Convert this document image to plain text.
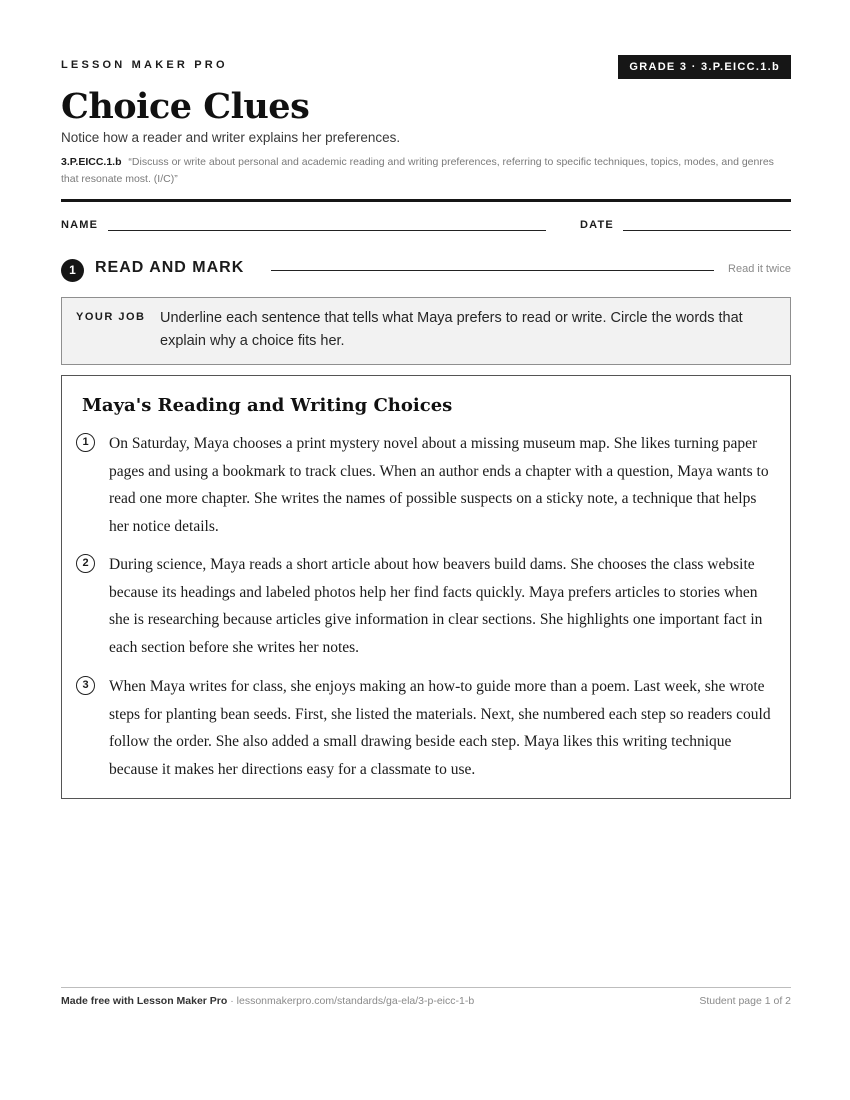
LESSON MAKER PRO	GRADE 3 · 3.P.EICC.1.b
Choice Clues
Notice how a reader and writer explains her preferences.
3.P.EICC.1.b “Discuss or write about personal and academic reading and writing preferences, referring to specific techniques, topics, modes, and genres that resonate most. (I/C)”
NAME	DATE
1	READ AND MARK	Read it twice
YOUR JOB Underline each sentence that tells what Maya prefers to read or write. Circle the words that explain why a choice fits her.
Maya's Reading and Writing Choices
1	On Saturday, Maya chooses a print mystery novel about a missing museum map. She likes turning paper pages and using a bookmark to track clues. When an author ends a chapter with a question, Maya wants to read one more chapter. She writes the names of possible suspects on a sticky note, a technique that helps her notice details.

2	During science, Maya reads a short article about how beavers build dams. She chooses the class website because its headings and labeled photos help her find facts quickly. Maya prefers articles to stories when she is researching because articles give information in clear sections. She highlights one important fact in each section before she writes her notes.

3	When Maya writes for class, she enjoys making an how-to guide more than a poem. Last week, she wrote steps for planting bean seeds. First, she listed the materials. Next, she numbered each step so readers could follow the order. She also added a small drawing beside each step. Maya likes this writing technique because it makes her directions easy for a classmate to use.

Made free with Lesson Maker Pro · lessonmakerpro.com/standards/ga-ela/3-p-eicc-1-b	Student page 1 of 2
